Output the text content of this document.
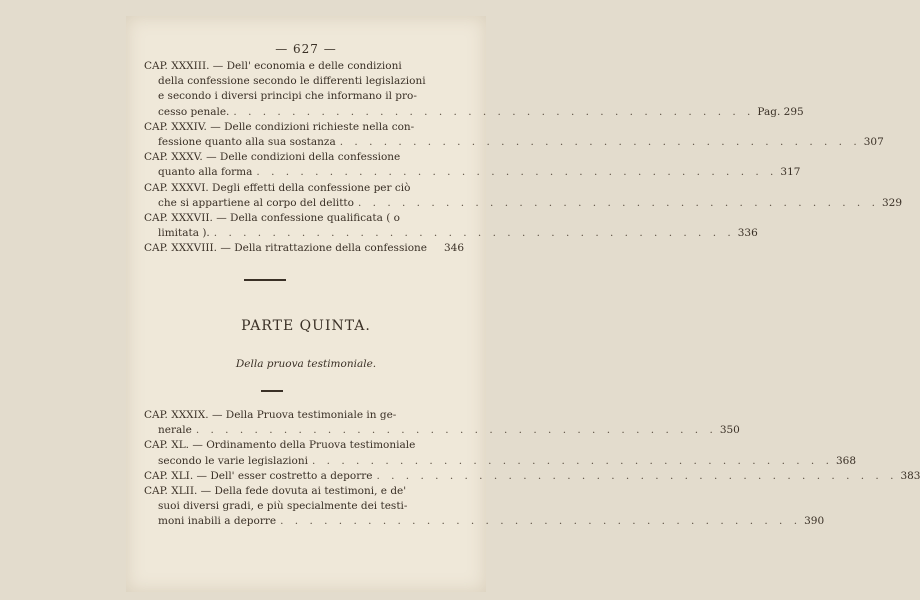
— 627 —
CAP. XXXIII. — Dell' economia e delle condizioni
della confessione secondo le differenti legislazioni
e secondo i diversi principi che informano il pro-
cesso penale. . . . . . . . . . . . . . . . . . . . . . . . . . . . . . . . . . . . . Pag. 295
CAP. XXXIV. — Delle condizioni richieste nella con-
fessione quanto alla sua sostanza . . . . . . . . . . . . . . . . . . . . . . . . . . . . . . . . . . . . 307
CAP. XXXV. — Delle condizioni della confessione
quanto alla forma . . . . . . . . . . . . . . . . . . . . . . . . . . . . . . . . . . . . 317
CAP. XXXVI. Degli effetti della confessione per ciò
che si appartiene al corpo del delitto . . . . . . . . . . . . . . . . . . . . . . . . . . . . . . . . . . . . 329
CAP. XXXVII. — Della confessione qualificata ( o
limitata ). . . . . . . . . . . . . . . . . . . . . . . . . . . . . . . . . . . . . 336
CAP. XXXVIII. — Della ritrattazione della confessione 346
PARTE QUINTA.
Della pruova testimoniale.
CAP. XXXIX. — Della Pruova testimoniale in ge-
nerale . . . . . . . . . . . . . . . . . . . . . . . . . . . . . . . . . . . . 350
CAP. XL. — Ordinamento della Pruova testimoniale
secondo le varie legislazioni . . . . . . . . . . . . . . . . . . . . . . . . . . . . . . . . . . . . 368
CAP. XLI. — Dell' esser costretto a deporre . . . . . . . . . . . . . . . . . . . . . . . . . . . . . . . . . . . . 383
CAP. XLII. — Della fede dovuta ai testimoni, e de'
suoi diversi gradi, e più specialmente dei testi-
moni inabili a deporre . . . . . . . . . . . . . . . . . . . . . . . . . . . . . . . . . . . . 390
